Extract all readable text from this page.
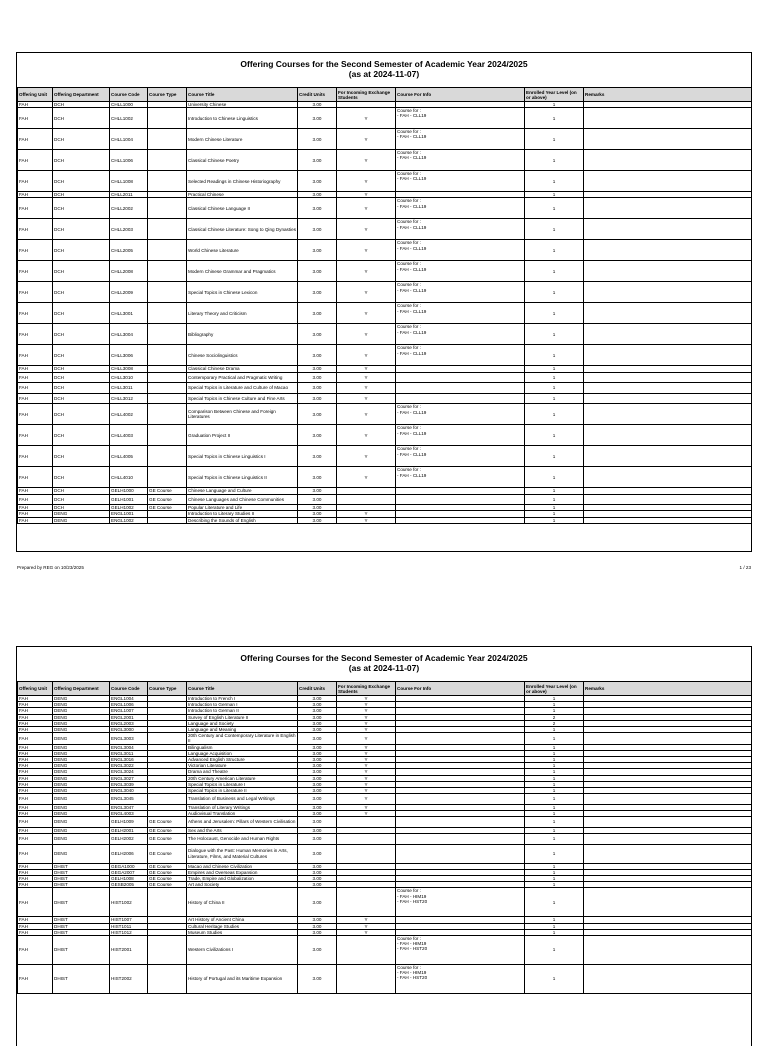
Offering Courses for the Second Semester of Academic Year 2024/2025
(as at 2024-11-07)
Offering Unit	Offering Department	Course Code	Course Type	Course Title	Credit Units	For Incoming Exchange Students	Course For Info	Enrolled Year Level (on or above)	Remarks
FAH	DCH	CHLL1000		University Chinese	3.00			1	
FAH	DCH	CHLL1002		Introduction to Chinese Linguistics	3.00	Y	Course for :
- FAH - CLL19	1	
FAH	DCH	CHLL1004		Modern Chinese Literature	3.00	Y	Course for :
- FAH - CLL19	1	
FAH	DCH	CHLL1006		Classical Chinese Poetry	3.00	Y	Course for :
- FAH - CLL19	1	
FAH	DCH	CHLL1008		Selected Readings in Chinese Historiography	3.00	Y	Course for :
- FAH - CLL19	1	
FAH	DCH	CHLL2011		Practical Chinese	3.00	Y		1	
FAH	DCH	CHLL2002		Classical Chinese Language II	3.00	Y	Course for :
- FAH - CLL19	1	
FAH	DCH	CHLL2003		Classical Chinese Literature: Song to Qing Dynasties	3.00	Y	Course for :
- FAH - CLL19	1	
FAH	DCH	CHLL2005		World Chinese Literature	3.00	Y	Course for :
- FAH - CLL19	1	
FAH	DCH	CHLL2008		Modern Chinese Grammar and Pragmatics	3.00	Y	Course for :
- FAH - CLL19	1	
FAH	DCH	CHLL2009		Special Topics in Chinese Lexicon	3.00	Y	Course for :
- FAH - CLL19	1	
FAH	DCH	CHLL3001		Literary Theory and Criticism	3.00	Y	Course for :
- FAH - CLL19	1	
FAH	DCH	CHLL3004		Bibliography	3.00	Y	Course for :
- FAH - CLL19	1	
FAH	DCH	CHLL3006		Chinese Sociolinguistics	3.00	Y	Course for :
- FAH - CLL19	1	
FAH	DCH	CHLL3008		Classical Chinese Drama	3.00	Y		1	
FAH	DCH	CHLL3010		Contemporary Practical and Pragmatic Writing	3.00	Y		1	
FAH	DCH	CHLL3011		Special Topics in Literature and Culture of Macao	3.00	Y		1	
FAH	DCH	CHLL3012		Special Topics in Chinese Culture and Fine Arts	3.00	Y		1	
FAH	DCH	CHLL4002		Comparison Between Chinese and Foreign Literatures	3.00	Y	Course for :
- FAH - CLL19	1	
FAH	DCH	CHLL4003		Graduation Project II	3.00	Y	Course for :
- FAH - CLL19	1	
FAH	DCH	CHLL4005		Special Topics in Chinese Linguistics I	3.00	Y	Course for :
- FAH - CLL19	1	
FAH	DCH	CHLL4010		Special Topics in Chinese Linguistics II	3.00	Y	Course for :
- FAH - CLL19	1	
FAH	DCH	GELH1000	GE Course	Chinese Language and Culture	3.00			1	
FAH	DCH	GELH1001	GE Course	Chinese Languages and Chinese Communities	3.00			1	
FAH	DCH	GELH1002	GE Course	Popular Literature and Life	3.00			1	
FAH	DENG	ENGL1001		Introduction to Literary Studies II	3.00	Y		1	
FAH	DENG	ENGL1002		Describing the Sounds of English	3.00	Y		1	
Prepared by REG on 10/23/2025	1 / 23
Offering Courses for the Second Semester of Academic Year 2024/2025
(as at 2024-11-07)
Offering Unit	Offering Department	Course Code	Course Type	Course Title	Credit Units	For Incoming Exchange Students	Course For Info	Enrolled Year Level (on or above)	Remarks
FAH	DENG	ENGL1004		Introduction to French I	3.00	Y		1	
FAH	DENG	ENGL1006		Introduction to German I	3.00	Y		1	
FAH	DENG	ENGL1007		Introduction to German II	3.00	Y		1	
FAH	DENG	ENGL2001		Survey of English Literature II	3.00	Y		2	
FAH	DENG	ENGL2003		Language and Society	3.00	Y		2	
FAH	DENG	ENGL3000		Language and Meaning	3.00	Y		1	
FAH	DENG	ENGL3003		20th Century and Contemporary Literature in English II	3.00	Y		1	
FAH	DENG	ENGL3004		Bilingualism	3.00	Y		1	
FAH	DENG	ENGL3011		Language Acquisition	3.00	Y		1	
FAH	DENG	ENGL3016		Advanced English Structure	3.00	Y		1	
FAH	DENG	ENGL3022		Victorian Literature	3.00	Y		1	
FAH	DENG	ENGL3024		Drama and Theatre	3.00	Y		1	
FAH	DENG	ENGL3027		20th Century American Literature	3.00	Y		1	
FAH	DENG	ENGL3039		Special Topics in Literature I	3.00	Y		1	
FAH	DENG	ENGL3040		Special Topics in Literature II	3.00	Y		1	
FAH	DENG	ENGL3045		Translation of Business and Legal Writings	3.00	Y		1	
FAH	DENG	ENGL3047		Translation of Literary Writings	3.00	Y		1	
FAH	DENG	ENGL4003		Audiovisual Translation	3.00	Y		1	
FAH	DENG	GELH1009	GE Course	Athens and Jerusalem: Pillars of Western Civilisation	3.00			1	
FAH	DENG	GELH2001	GE Course	Sex and the Arts	3.00			1	
FAH	DENG	GELH2002	GE Course	The Holocaust, Genocide and Human Rights	3.00			1	
FAH	DENG	GELH2006	GE Course	Dialogue with the Past: Human Memories in Arts, Literature, Films, and Material Cultures	3.00			1	
FAH	DHIST	GEGA1000	GE Course	Macao and Chinese Civilization	3.00			1	
FAH	DHIST	GEGA2007	GE Course	Empires and Overseas Expansion	3.00			1	
FAH	DHIST	GELH1008	GE Course	Trade, Empire and Globalization	3.00			1	
FAH	DHIST	GESB2005	GE Course	Art and Society	3.00			1	
FAH	DHIST	HIST1002		History of China II	3.00		Course for :
- FAH - HIM19
- FAH - HST20	1	
FAH	DHIST	HIST1007		Art History of Ancient China	3.00	Y		1	
FAH	DHIST	HIST1011		Cultural Heritage Studies	3.00	Y		1	
FAH	DHIST	HIST1012		Museum Studies	3.00	Y		1	
FAH	DHIST	HIST2001		Western Civilizations I	3.00		Course for :
- FAH - HIM19
- FAH - HST20	1	
FAH	DHIST	HIST2002		History of Portugal and its Maritime Expansion	3.00		Course for :
- FAH - HIM19
- FAH - HST20	1	
